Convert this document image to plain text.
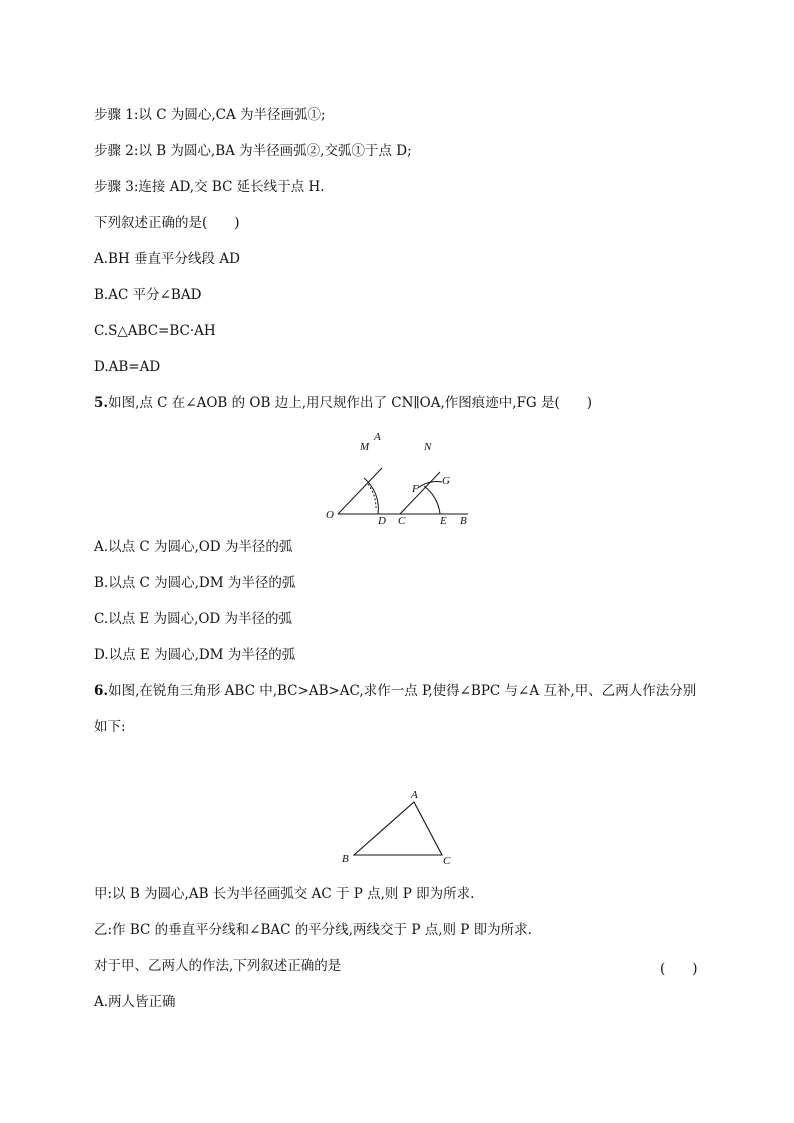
步骤 1:以 C 为圆心,CA 为半径画弧①;
步骤 2:以 B 为圆心,BA 为半径画弧②,交弧①于点 D;
步骤 3:连接 AD,交 BC 延长线于点 H.
下列叙述正确的是(　　)
A.BH 垂直平分线段 AD
B.AC 平分∠BAD
C.S△ABC=BC·AH
D.AB=AD
5.如图,点 C 在∠AOB 的 OB 边上,用尺规作出了 CN∥OA,作图痕迹中,FG 是(　　)
O
A
M
D C
N
F
G
E B
A.以点 C 为圆心,OD 为半径的弧
B.以点 C 为圆心,DM 为半径的弧
C.以点 E 为圆心,OD 为半径的弧
D.以点 E 为圆心,DM 为半径的弧
6.如图,在锐角三角形 ABC 中,BC>AB>AC,求作一点 P,使得∠BPC 与∠A 互补,甲、乙两人作法分别
如下:
A
B	C
甲:以 B 为圆心,AB 长为半径画弧交 AC 于 P 点,则 P 即为所求.
乙:作 BC 的垂直平分线和∠BAC 的平分线,两线交于 P 点,则 P 即为所求.
对于甲、乙两人的作法,下列叙述正确的是	(　　)
A.两人皆正确
